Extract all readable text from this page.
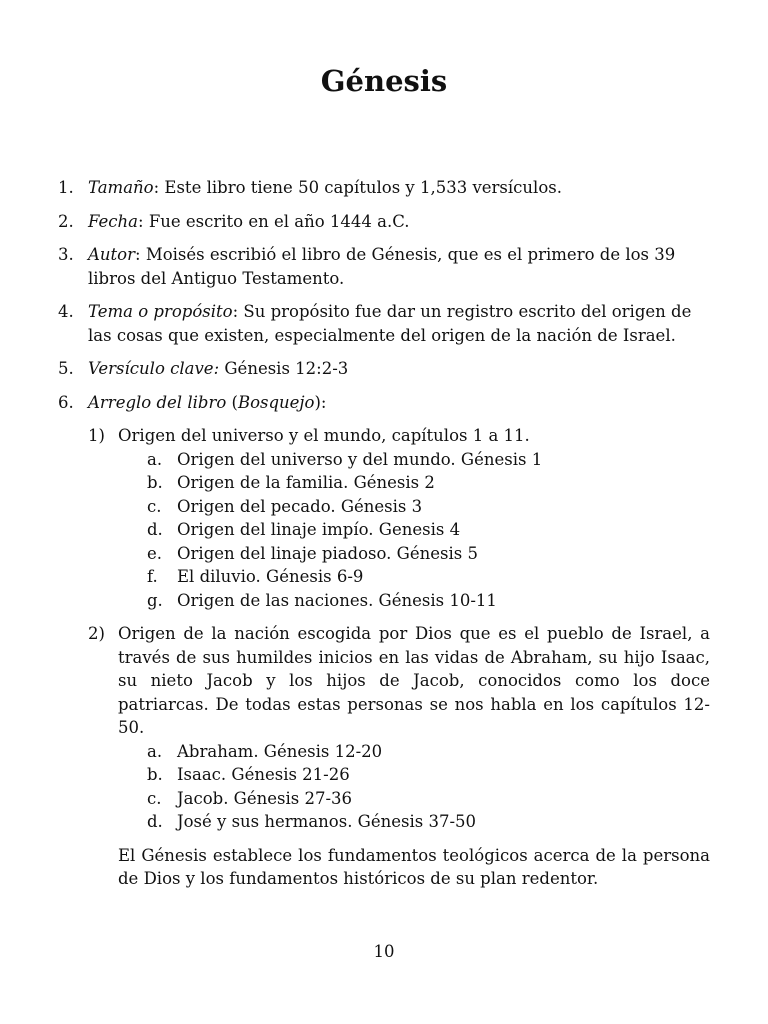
Génesis
1. Tamaño: Este libro tiene 50 capítulos y 1,533 versículos.
2. Fecha: Fue escrito en el año 1444 a.C.
3. Autor: Moisés escribió el libro de Génesis, que es el primero de los 39 libros del Antiguo Testamento.
4. Tema o propósito: Su propósito fue dar un registro escrito del origen de las cosas que existen, especialmente del origen de la nación de Israel.
5. Versículo clave: Génesis 12:2-3
6. Arreglo del libro (Bosquejo):
1) Origen del universo y el mundo, capítulos 1 a 11.
a. Origen del universo y del mundo. Génesis 1
b. Origen de la familia. Génesis 2
c. Origen del pecado. Génesis 3
d. Origen del linaje impío. Genesis 4
e. Origen del linaje piadoso. Génesis 5
f. El diluvio. Génesis 6-9
g. Origen de las naciones. Génesis 10-11
2) Origen de la nación escogida por Dios que es el pueblo de Israel, a través de sus humildes inicios en las vidas de Abraham, su hijo Isaac, su nieto Jacob y los hijos de Jacob, conocidos como los doce patriarcas. De todas estas personas se nos habla en los capítulos 12-50.
a. Abraham. Génesis 12-20
b. Isaac. Génesis 21-26
c. Jacob. Génesis 27-36
d. José y sus hermanos. Génesis 37-50
El Génesis establece los fundamentos teológicos acerca de la persona de Dios y los fundamentos históricos de su plan redentor.
10
